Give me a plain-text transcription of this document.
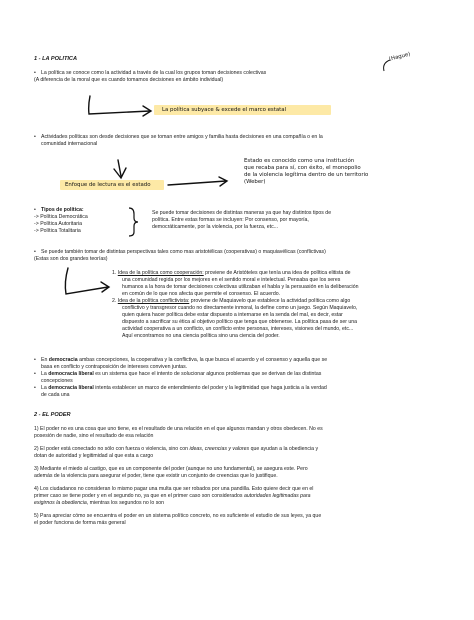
1 - LA POLITICA	(Hague)
• La política se conoce como la actividad a través de la cual los grupos toman decisiones colectivas
(A diferencia de la moral que es cuando tomamos decisiones en ámbito individual)
La política subyace & excede el marco estatal
• Actividades políticas son desde decisiones que se toman entre amigos y familia hasta decisiones en una compañía o en la
comunidad internacional
Estado es conocido como una institución
que recaba para sí, con éxito, el monopolio
de la violencia legítima dentro de un territorio
(Weber)
Enfoque de lectura es el estado
• Tipos de política:
-> Política Democrática
-> Política Autoritaria
-> Política Totalitaria
Se puede tomar decisiones de distintas maneras ya que hay distintos tipos de
política. Entre estas formas se incluyen: Por consenso, por mayoría,
democráticamente, por la violencia, por la fuerza, etc...
• Se puede también tomar de distintas perspectivas tales como mas aristotélicas (cooperativas) o maquiavélicas (conflictivas)
(Estas son dos grandes teorías)
1. Idea de la política como cooperación: proviene de Aristóteles que tenía una idea de política elitista de
una comunidad regida por los mejores en el sentido moral e intelectual. Pensaba que los seres
humanos a la hora de tomar decisiones colectivas utilizaban el habla y la persuasión en la deliberación
en común de lo que nos afecta que permite el consenso. El acuerdo.
2. Idea de la política conflictivista: proviene de Maquiavelo que establece la actividad política como algo
conflictivo y transgresor cuando no directamente inmoral, la define como un juego. Según Maquiavelo,
quien quiera hacer política debe estar dispuesto a internarse en la senda del mal, es decir, estar
dispuesto a sacrificar su ética al objetivo político que tenga que obtenerse. La política pasa de ser una
actividad cooperativa a un conflicto, un conflicto entre personas, intereses, visiones del mundo, etc...
Aquí encontramos no una ciencia política sino una ciencia del poder.
• En democracia ambas concepciones, la cooperativa y la conflictiva, la que busca el acuerdo y el consenso y aquella que se
basa en conflicto y contraposición de intereses conviven juntas.
• La democracia liberal es un sistema que hace el intento de solucionar algunos problemas que se derivan de las distintas
concepciones
• La democracia liberal intenta establecer un marco de entendimiento del poder y la legitimidad que haga justicia a la verdad
de cada una
2 - EL PODER
1) El poder no es una cosa que uno tiene, es el resultado de una relación en el que algunos mandan y otros obedecen. No es
posesión de nadie, sino el resultado de esa relación
2) El poder está conectado no sólo con fuerza o violencia, sino con ideas, creencias y valores que ayudan a la obediencia y
dotan de autoridad y legitimidad al que esta a cargo
3) Mediante el miedo al castigo, que es un componente del poder (aunque no uno fundamental), se asegura este. Pero
además de la violencia para asegurar el poder, tiene que existir un conjunto de creencias que lo justifique.
4) Los ciudadanos no consideran lo mismo pagar una multa que ser robados por una pandilla. Esto quiere decir que en el
primer caso se tiene poder y en el segundo no, ya que en el primer caso son considerados autoridades legitimadas para
exigirnos la obediencia, mientras los segundos no lo son
5) Para apreciar cómo se encuentra el poder en un sistema político concreto, no es suficiente el estudio de sus leyes, ya que
el poder funciona de forma más general
